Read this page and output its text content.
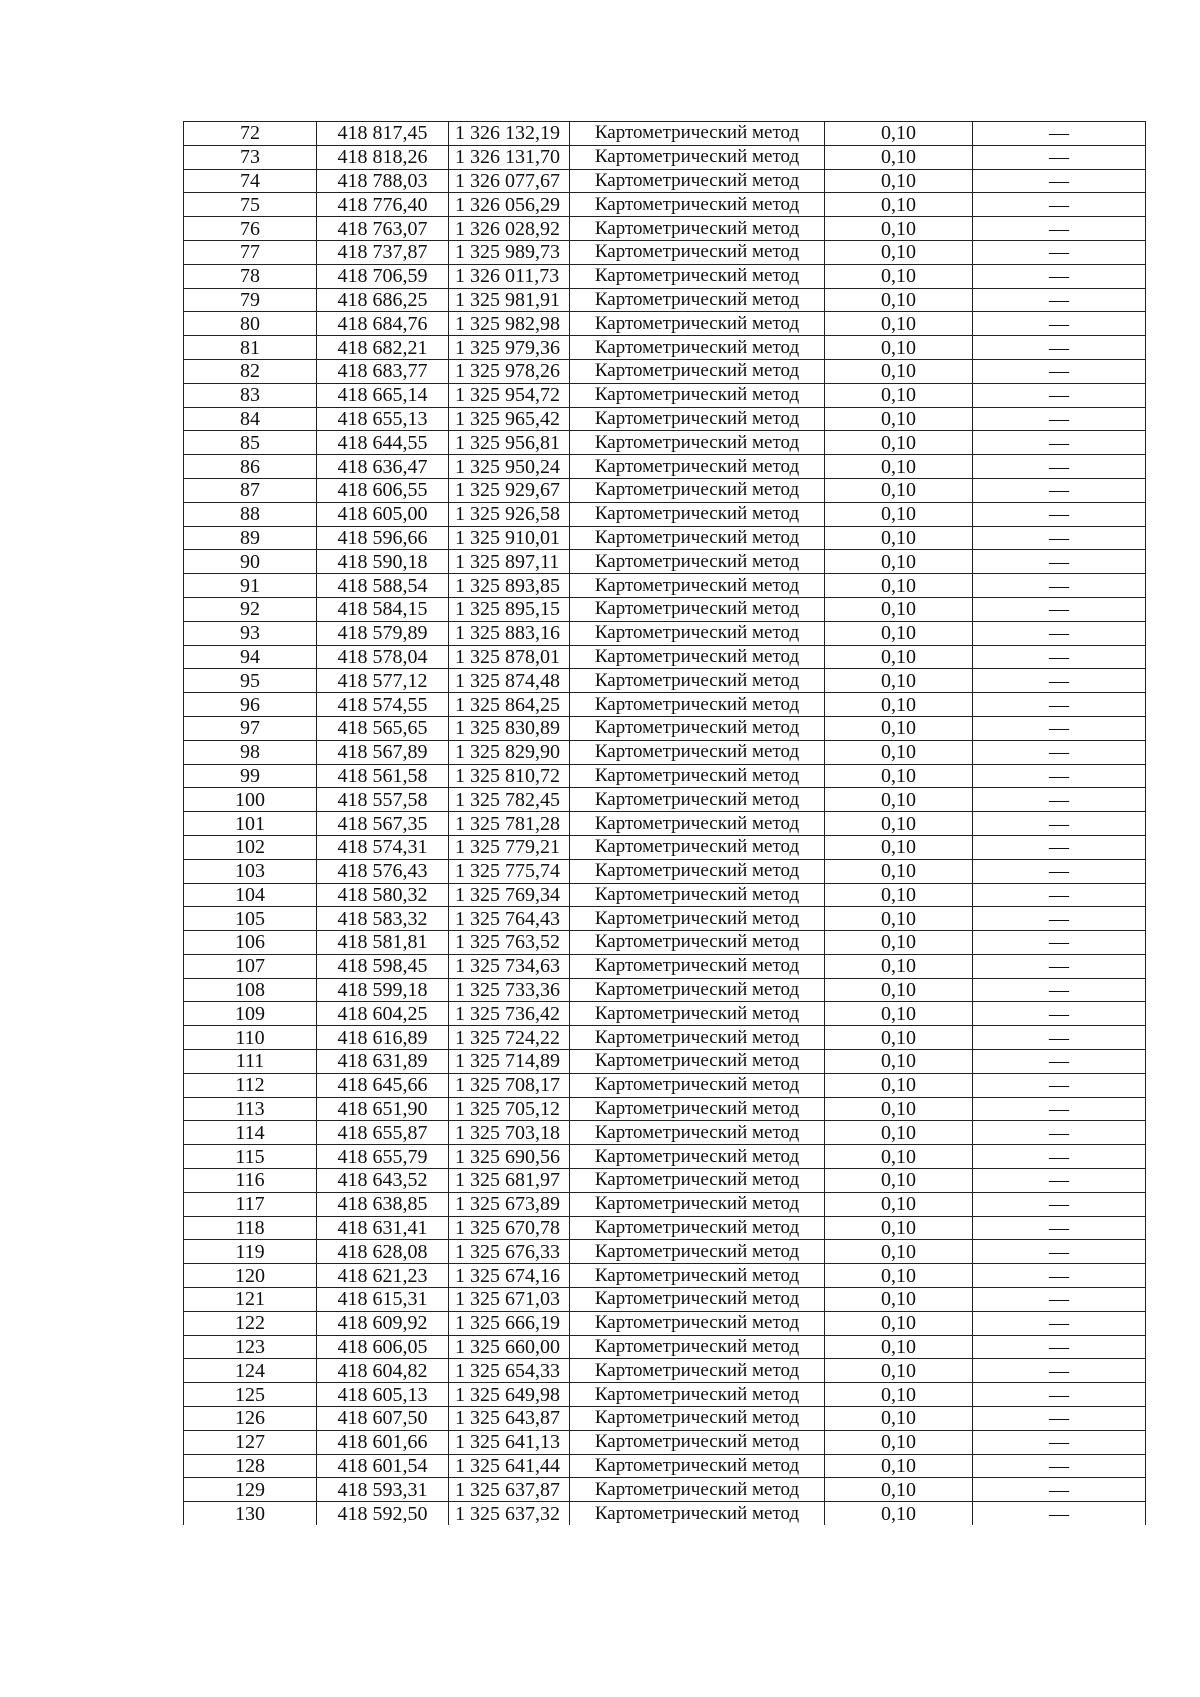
72	418 817,45	1 326 132,19	Картометрический метод	0,10	—
73	418 818,26	1 326 131,70	Картометрический метод	0,10	—
74	418 788,03	1 326 077,67	Картометрический метод	0,10	—
75	418 776,40	1 326 056,29	Картометрический метод	0,10	—
76	418 763,07	1 326 028,92	Картометрический метод	0,10	—
77	418 737,87	1 325 989,73	Картометрический метод	0,10	—
78	418 706,59	1 326 011,73	Картометрический метод	0,10	—
79	418 686,25	1 325 981,91	Картометрический метод	0,10	—
80	418 684,76	1 325 982,98	Картометрический метод	0,10	—
81	418 682,21	1 325 979,36	Картометрический метод	0,10	—
82	418 683,77	1 325 978,26	Картометрический метод	0,10	—
83	418 665,14	1 325 954,72	Картометрический метод	0,10	—
84	418 655,13	1 325 965,42	Картометрический метод	0,10	—
85	418 644,55	1 325 956,81	Картометрический метод	0,10	—
86	418 636,47	1 325 950,24	Картометрический метод	0,10	—
87	418 606,55	1 325 929,67	Картометрический метод	0,10	—
88	418 605,00	1 325 926,58	Картометрический метод	0,10	—
89	418 596,66	1 325 910,01	Картометрический метод	0,10	—
90	418 590,18	1 325 897,11	Картометрический метод	0,10	—
91	418 588,54	1 325 893,85	Картометрический метод	0,10	—
92	418 584,15	1 325 895,15	Картометрический метод	0,10	—
93	418 579,89	1 325 883,16	Картометрический метод	0,10	—
94	418 578,04	1 325 878,01	Картометрический метод	0,10	—
95	418 577,12	1 325 874,48	Картометрический метод	0,10	—
96	418 574,55	1 325 864,25	Картометрический метод	0,10	—
97	418 565,65	1 325 830,89	Картометрический метод	0,10	—
98	418 567,89	1 325 829,90	Картометрический метод	0,10	—
99	418 561,58	1 325 810,72	Картометрический метод	0,10	—
100	418 557,58	1 325 782,45	Картометрический метод	0,10	—
101	418 567,35	1 325 781,28	Картометрический метод	0,10	—
102	418 574,31	1 325 779,21	Картометрический метод	0,10	—
103	418 576,43	1 325 775,74	Картометрический метод	0,10	—
104	418 580,32	1 325 769,34	Картометрический метод	0,10	—
105	418 583,32	1 325 764,43	Картометрический метод	0,10	—
106	418 581,81	1 325 763,52	Картометрический метод	0,10	—
107	418 598,45	1 325 734,63	Картометрический метод	0,10	—
108	418 599,18	1 325 733,36	Картометрический метод	0,10	—
109	418 604,25	1 325 736,42	Картометрический метод	0,10	—
110	418 616,89	1 325 724,22	Картометрический метод	0,10	—
111	418 631,89	1 325 714,89	Картометрический метод	0,10	—
112	418 645,66	1 325 708,17	Картометрический метод	0,10	—
113	418 651,90	1 325 705,12	Картометрический метод	0,10	—
114	418 655,87	1 325 703,18	Картометрический метод	0,10	—
115	418 655,79	1 325 690,56	Картометрический метод	0,10	—
116	418 643,52	1 325 681,97	Картометрический метод	0,10	—
117	418 638,85	1 325 673,89	Картометрический метод	0,10	—
118	418 631,41	1 325 670,78	Картометрический метод	0,10	—
119	418 628,08	1 325 676,33	Картометрический метод	0,10	—
120	418 621,23	1 325 674,16	Картометрический метод	0,10	—
121	418 615,31	1 325 671,03	Картометрический метод	0,10	—
122	418 609,92	1 325 666,19	Картометрический метод	0,10	—
123	418 606,05	1 325 660,00	Картометрический метод	0,10	—
124	418 604,82	1 325 654,33	Картометрический метод	0,10	—
125	418 605,13	1 325 649,98	Картометрический метод	0,10	—
126	418 607,50	1 325 643,87	Картометрический метод	0,10	—
127	418 601,66	1 325 641,13	Картометрический метод	0,10	—
128	418 601,54	1 325 641,44	Картометрический метод	0,10	—
129	418 593,31	1 325 637,87	Картометрический метод	0,10	—
130	418 592,50	1 325 637,32	Картометрический метод	0,10	—
